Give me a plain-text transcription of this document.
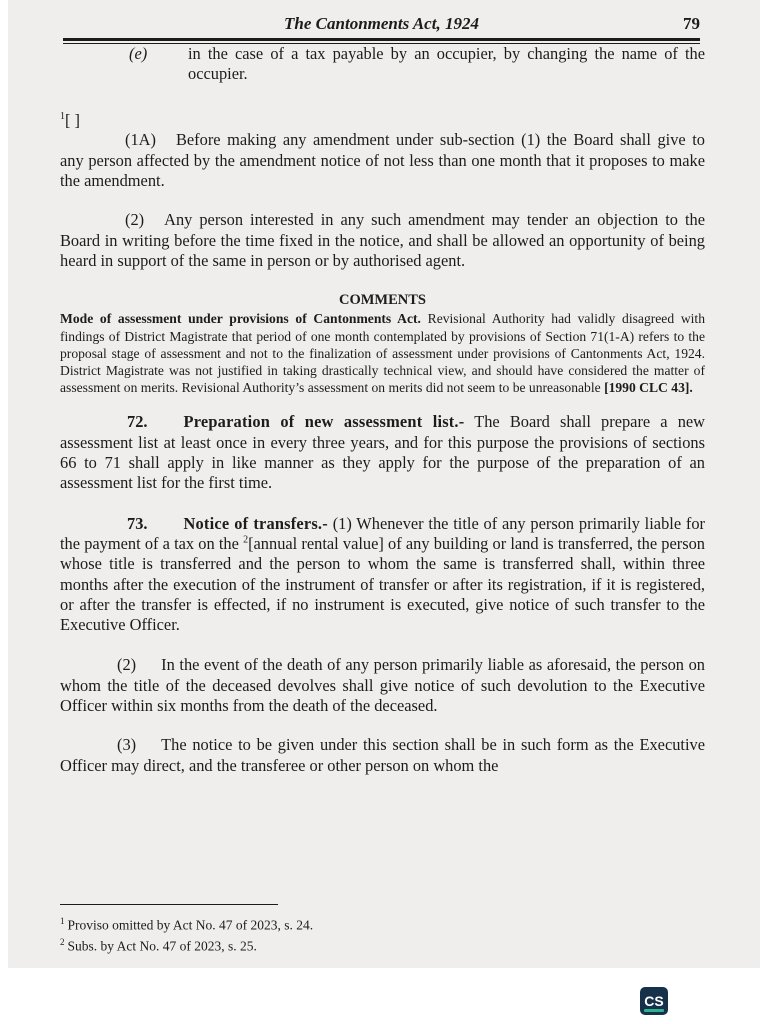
The Cantonments Act, 1924	79
(e)	in the case of a tax payable by an occupier, by changing the name of the occupier.

$^1$[ ]

(1A) Before making any amendment under sub-section (1) the Board shall give to any person affected by the amendment notice of not less than one month that it proposes to make the amendment.

(2) Any person interested in any such amendment may tender an objection to the Board in writing before the time fixed in the notice, and shall be allowed an opportunity of being heard in support of the same in person or by authorised agent.

COMMENTS

Mode of assessment under provisions of Cantonments Act. Revisional Authority had validly disagreed with findings of District Magistrate that period of one month contemplated by provisions of Section 71(1-A) refers to the proposal stage of assessment and not to the finalization of assessment under provisions of Cantonments Act, 1924. District Magistrate was not justified in taking drastically technical view, and should have considered the matter of assessment on merits. Revisional Authority’s assessment on merits did not seem to be unreasonable [1990 CLC 43].

72. Preparation of new assessment list.- The Board shall prepare a new assessment list at least once in every three years, and for this purpose the provisions of sections 66 to 71 shall apply in like manner as they apply for the purpose of the preparation of an assessment list for the first time.

73. Notice of transfers.- (1) Whenever the title of any person primarily liable for the payment of a tax on the $^2$[annual rental value] of any building or land is transferred, the person whose title is transferred and the person to whom the same is transferred shall, within three months after the execution of the instrument of transfer or after its registration, if it is registered, or after the transfer is effected, if no instrument is executed, give notice of such transfer to the Executive Officer.

(2) In the event of the death of any person primarily liable as aforesaid, the person on whom the title of the deceased devolves shall give notice of such devolution to the Executive Officer within six months from the death of the deceased.

(3) The notice to be given under this section shall be in such form as the Executive Officer may direct, and the transferee or other person on whom the

$^1$ Proviso omitted by Act No. 47 of 2023, s. 24.
$^2$ Subs. by Act No. 47 of 2023, s. 25.
CS
